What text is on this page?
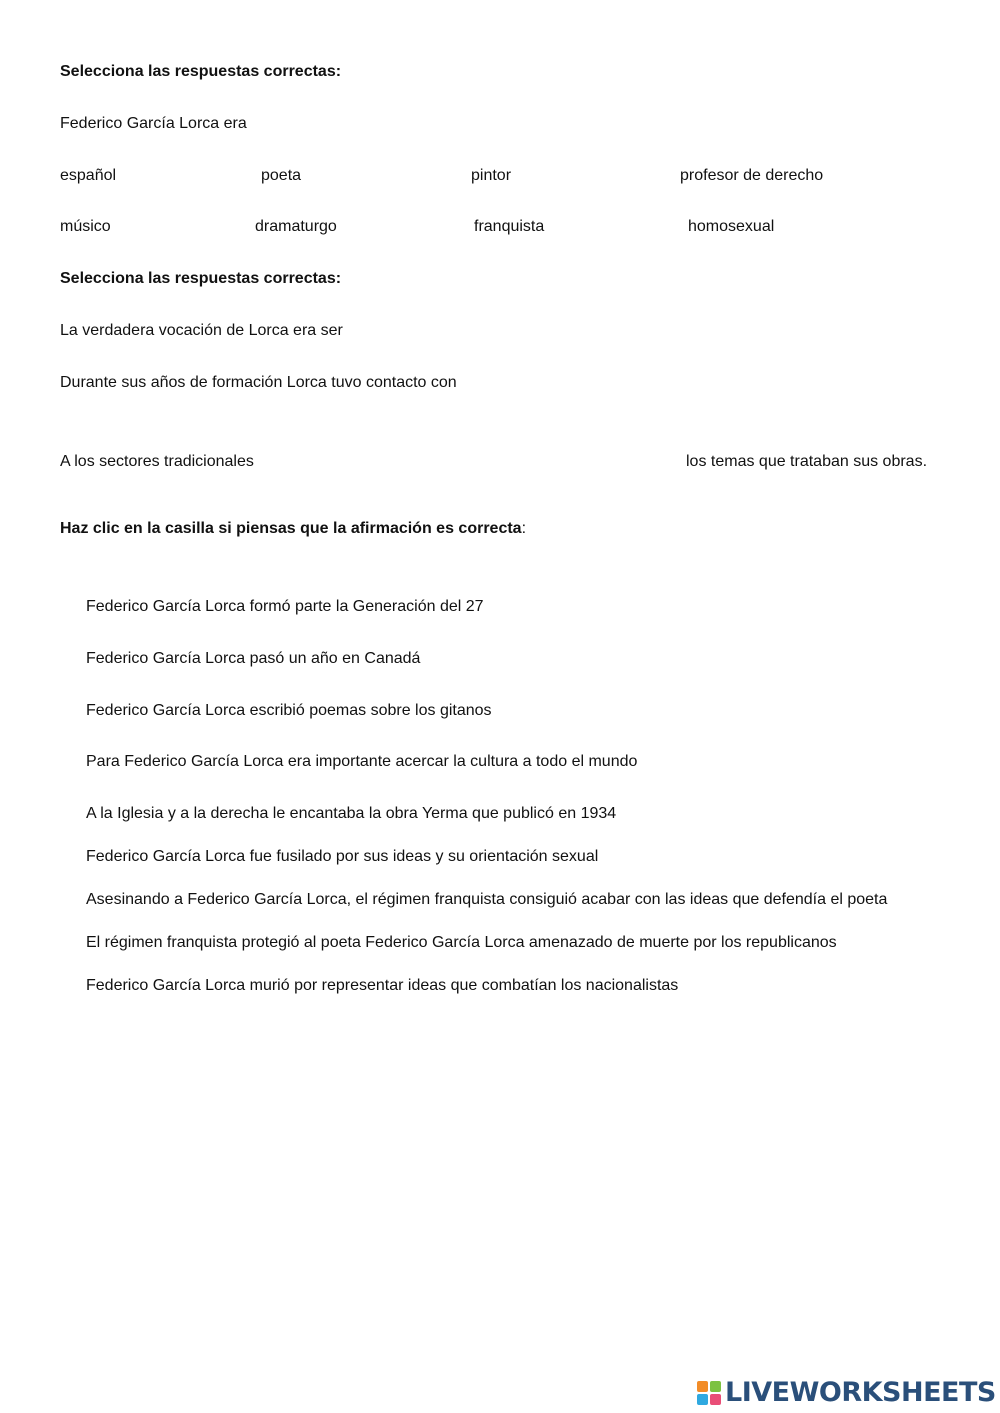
Selecciona las respuestas correctas:
Federico García Lorca era
español	poeta	pintor	profesor de derecho
músico	dramaturgo	franquista	homosexual
Selecciona las respuestas correctas:
La verdadera vocación de Lorca era ser
Durante sus años de formación Lorca tuvo contacto con
A los sectores tradicionales	los temas que trataban sus obras.
Haz clic en la casilla si piensas que la afirmación es correcta:
Federico García Lorca formó parte la Generación del 27
Federico García Lorca pasó un año en Canadá
Federico García Lorca escribió poemas sobre los gitanos
Para Federico García Lorca era importante acercar la cultura a todo el mundo
A la Iglesia y a la derecha le encantaba la obra Yerma que publicó en 1934
Federico García Lorca fue fusilado por sus ideas y su orientación sexual
Asesinando a Federico García Lorca, el régimen franquista consiguió acabar con las ideas que defendía el poeta
El régimen franquista protegió al poeta Federico García Lorca amenazado de muerte por los republicanos
Federico García Lorca murió por representar ideas que combatían los nacionalistas
LIVEWORKSHEETS
